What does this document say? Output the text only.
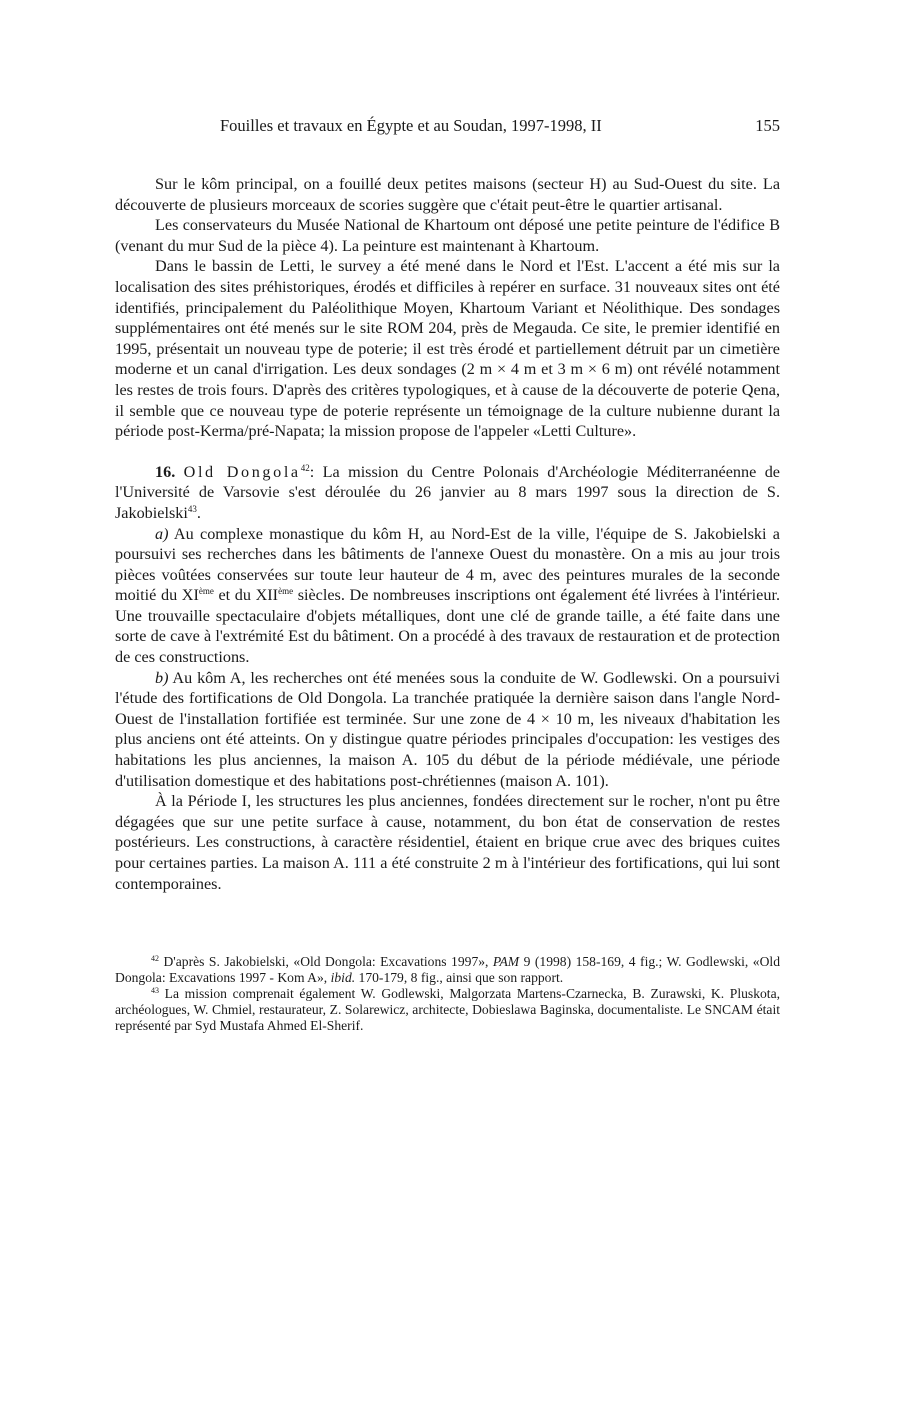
Fouilles et travaux en Égypte et au Soudan, 1997-1998, II	155

Sur le kôm principal, on a fouillé deux petites maisons (secteur H) au Sud-Ouest du site. La découverte de plusieurs morceaux de scories suggère que c'était peut-être le quartier artisanal.

Les conservateurs du Musée National de Khartoum ont déposé une petite peinture de l'édifice B (venant du mur Sud de la pièce 4). La peinture est maintenant à Khartoum.

Dans le bassin de Letti, le survey a été mené dans le Nord et l'Est. L'accent a été mis sur la localisation des sites préhistoriques, érodés et difficiles à repérer en surface. 31 nouveaux sites ont été identifiés, principalement du Paléolithique Moyen, Khartoum Variant et Néolithique. Des sondages supplémentaires ont été menés sur le site ROM 204, près de Megauda. Ce site, le premier identifié en 1995, présentait un nouveau type de poterie; il est très érodé et partiellement détruit par un cimetière moderne et un canal d'irrigation. Les deux sondages (2 m × 4 m et 3 m × 6 m) ont révélé notamment les restes de trois fours. D'après des critères typologiques, et à cause de la découverte de poterie Qena, il semble que ce nouveau type de poterie représente un témoignage de la culture nubienne durant la période post-Kerma/pré-Napata; la mission propose de l'appeler «Letti Culture».

16. Old Dongola$^{42}$: La mission du Centre Polonais d'Archéologie Méditerranéenne de l'Université de Varsovie s'est déroulée du 26 janvier au 8 mars 1997 sous la direction de S. Jakobielski$^{43}$.

a) Au complexe monastique du kôm H, au Nord-Est de la ville, l'équipe de S. Jakobielski a poursuivi ses recherches dans les bâtiments de l'annexe Ouest du monastère. On a mis au jour trois pièces voûtées conservées sur toute leur hauteur de 4 m, avec des peintures murales de la seconde moitié du XIème et du XIIème siècles. De nombreuses inscriptions ont également été livrées à l'intérieur. Une trouvaille spectaculaire d'objets métalliques, dont une clé de grande taille, a été faite dans une sorte de cave à l'extrémité Est du bâtiment. On a procédé à des travaux de restauration et de protection de ces constructions.

b) Au kôm A, les recherches ont été menées sous la conduite de W. Godlewski. On a poursuivi l'étude des fortifications de Old Dongola. La tranchée pratiquée la dernière saison dans l'angle Nord-Ouest de l'installation fortifiée est terminée. Sur une zone de 4 × 10 m, les niveaux d'habitation les plus anciens ont été atteints. On y distingue quatre périodes principales d'occupation: les vestiges des habitations les plus anciennes, la maison A. 105 du début de la période médiévale, une période d'utilisation domestique et des habitations post-chrétiennes (maison A. 101).

À la Période I, les structures les plus anciennes, fondées directement sur le rocher, n'ont pu être dégagées que sur une petite surface à cause, notamment, du bon état de conservation de restes postérieurs. Les constructions, à caractère résidentiel, étaient en brique crue avec des briques cuites pour certaines parties. La maison A. 111 a été construite 2 m à l'intérieur des fortifications, qui lui sont contemporaines.

$^{42}$ D'après S. Jakobielski, «Old Dongola: Excavations 1997», PAM 9 (1998) 158-169, 4 fig.; W. Godlewski, «Old Dongola: Excavations 1997 - Kom A», ibid. 170-179, 8 fig., ainsi que son rapport.

$^{43}$ La mission comprenait également W. Godlewski, Malgorzata Martens-Czarnecka, B. Zurawski, K. Pluskota, archéologues, W. Chmiel, restaurateur, Z. Solarewicz, architecte, Dobieslawa Baginska, documentaliste. Le SNCAM était représenté par Syd Mustafa Ahmed El-Sherif.
